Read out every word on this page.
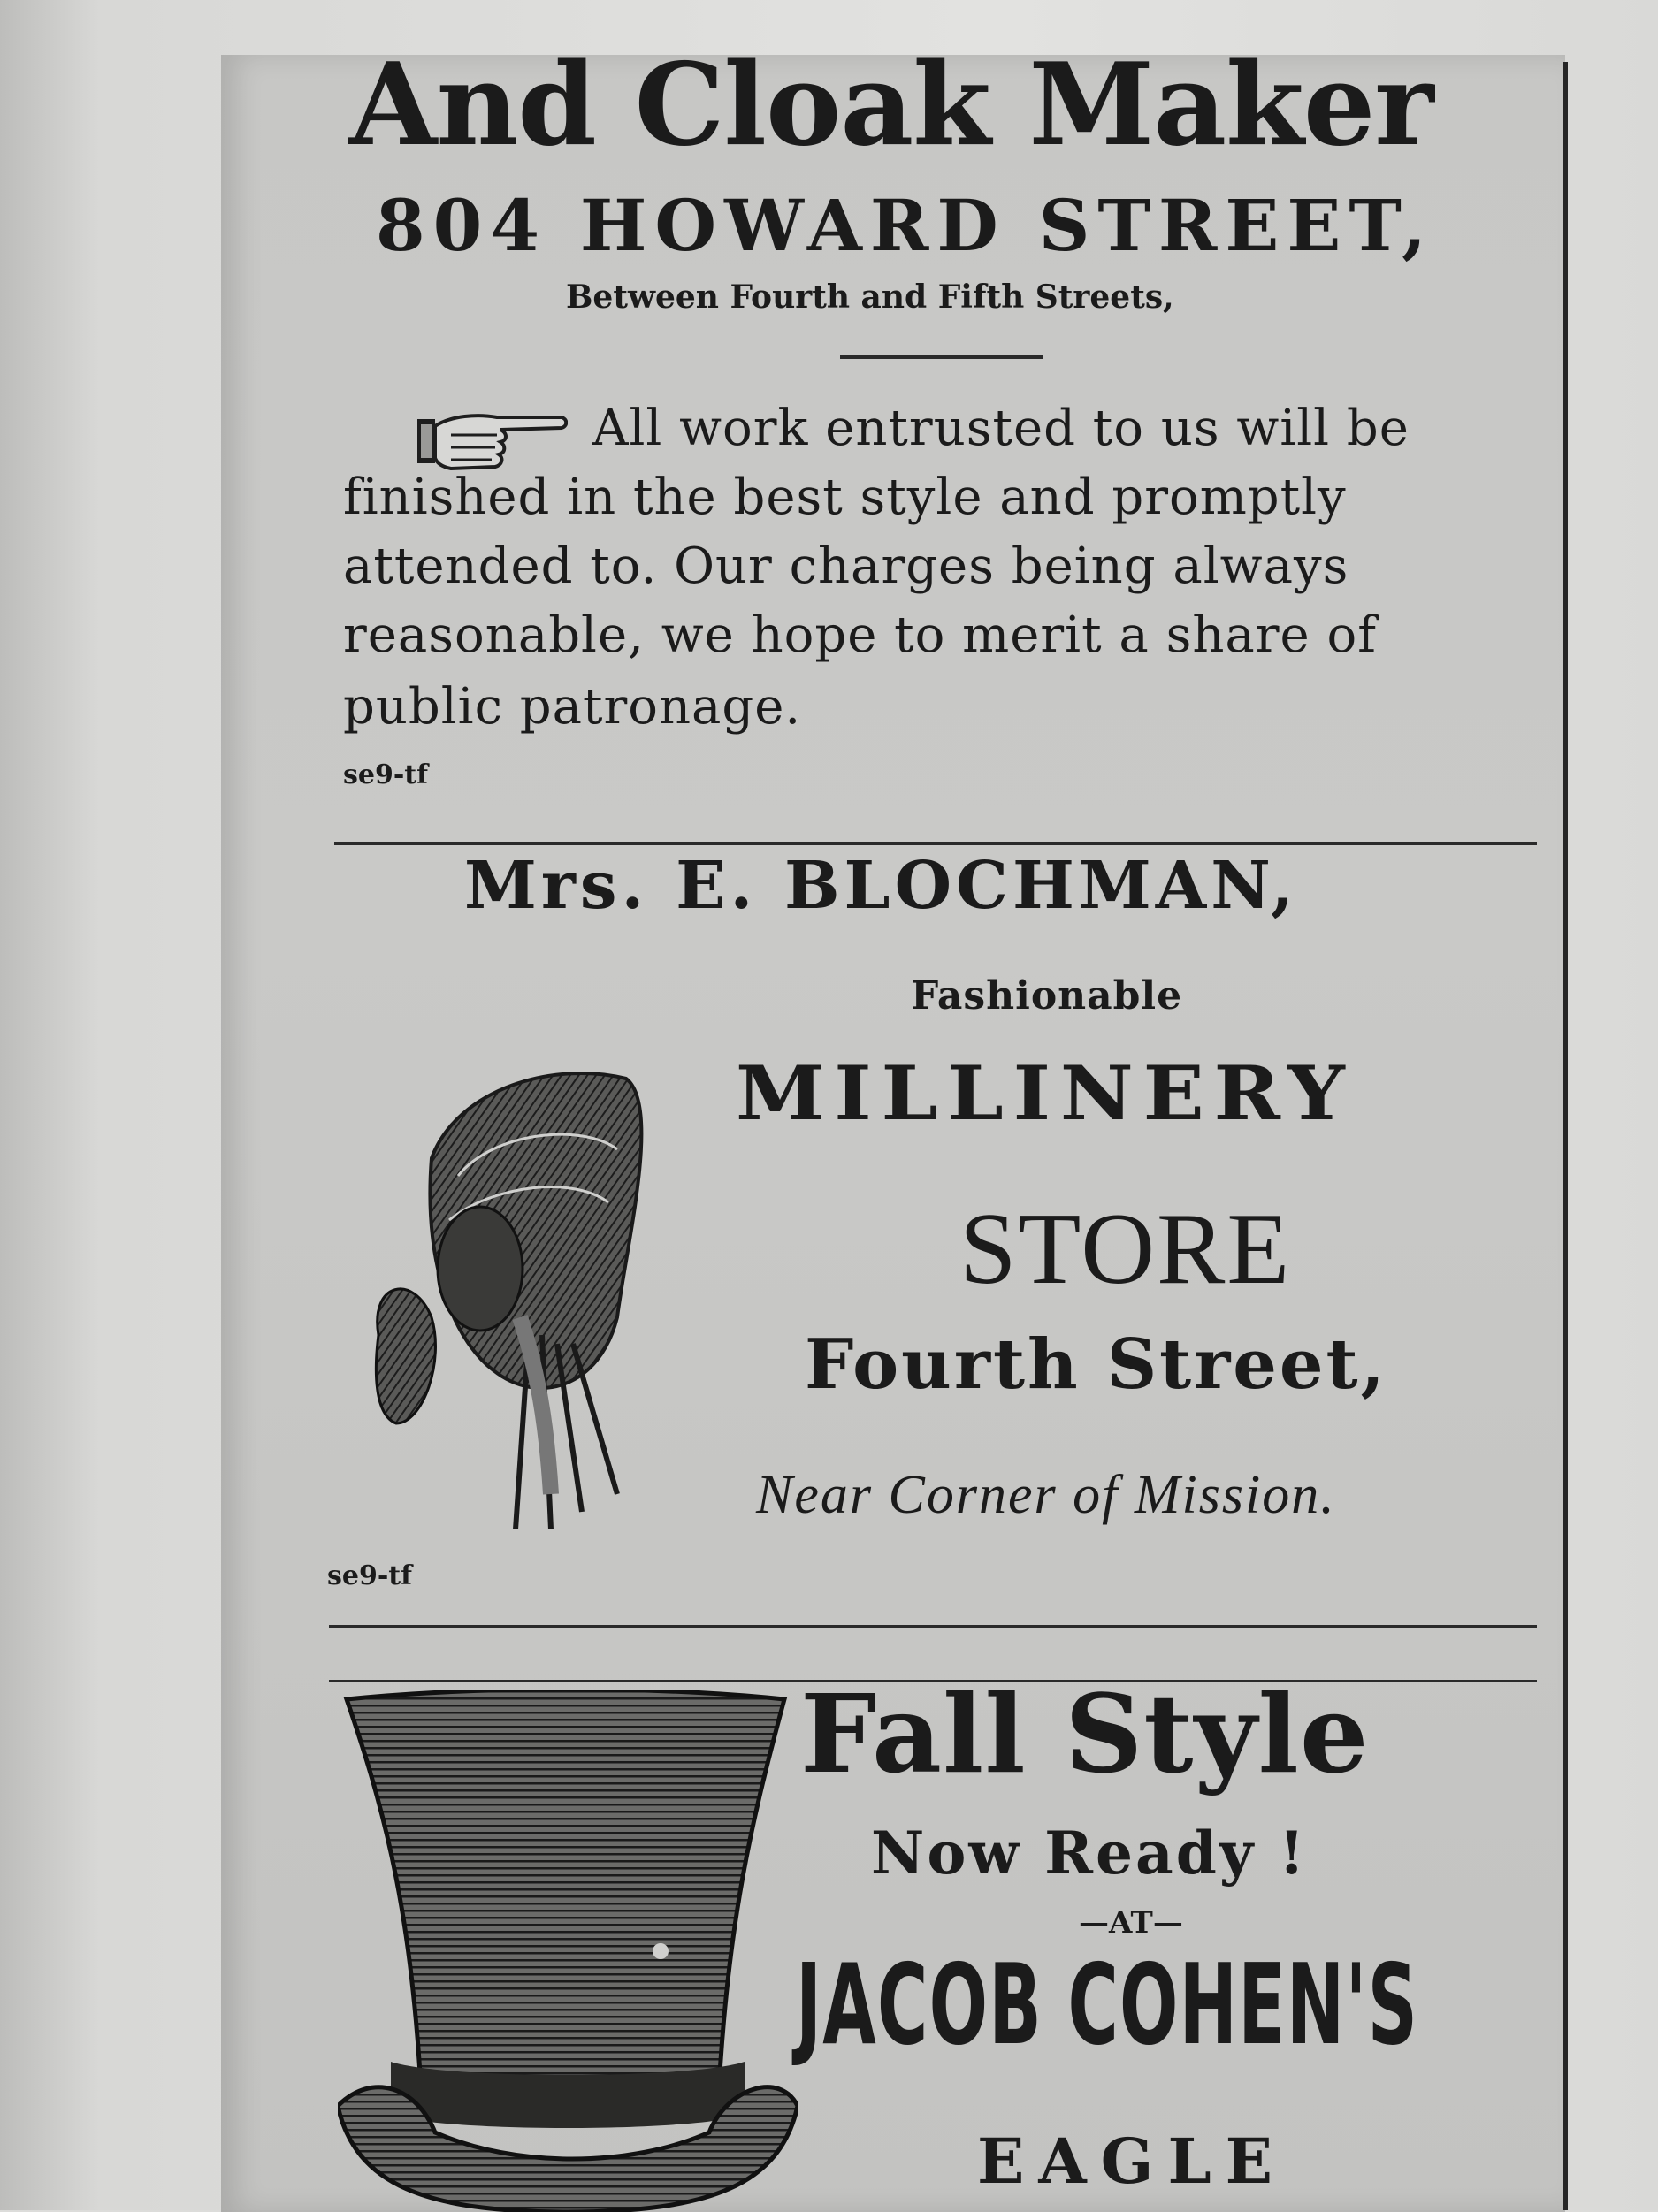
And Cloak Maker

804 HOWARD STREET,

Between Fourth and Fifth Streets,

All work entrusted to us will be

finished in the best style and promptly

attended to. Our charges being always

reasonable, we hope to merit a share of

public patronage.

se9-tf

Mrs. E. BLOCHMAN,

Fashionable

MILLINERY

STORE

Fourth Street,

Near Corner of Mission.

se9-tf

Fall Style

Now Ready !

—AT—

JACOB COHEN'S

EAGLE
